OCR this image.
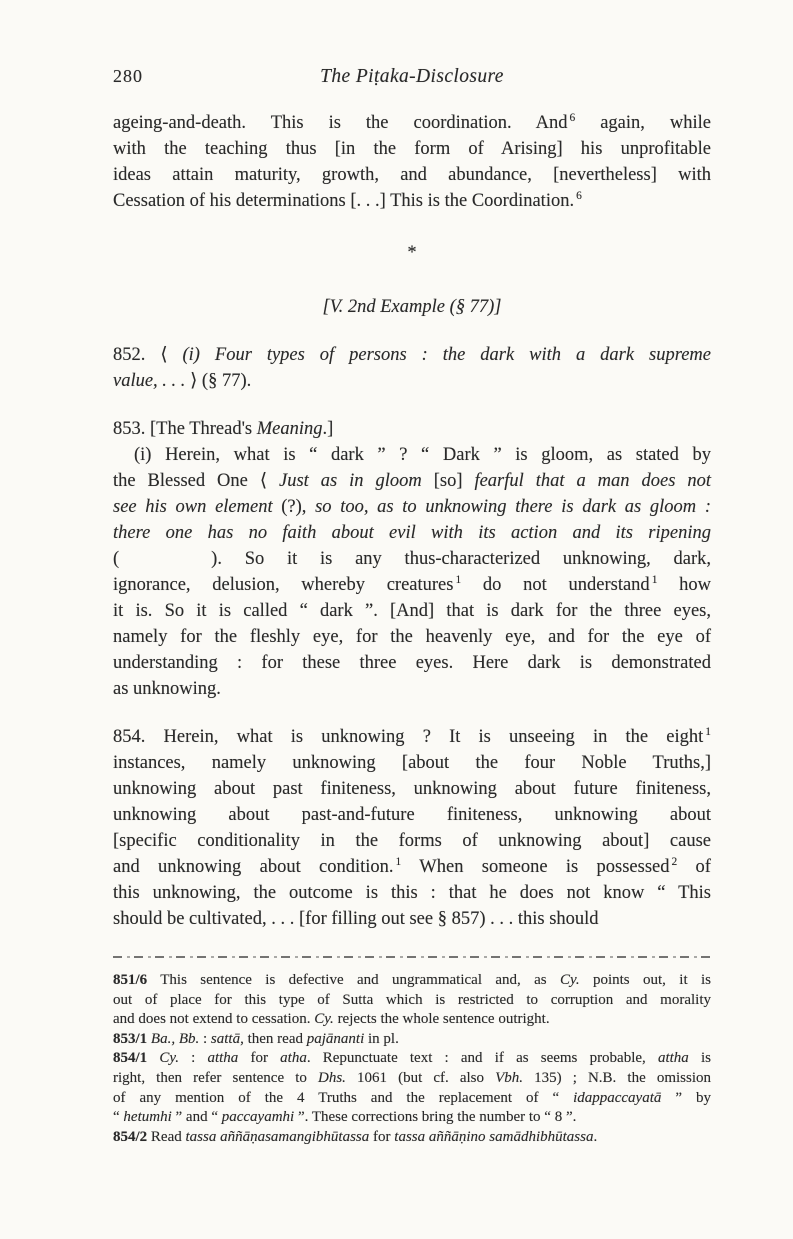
280	The Piṭaka-Disclosure
ageing-and-death. This is the coordination. And $^6$ again, while
with the teaching thus [in the form of Arising] his unprofitable
ideas attain maturity, growth, and abundance, [nevertheless] with
Cessation of his determinations [. . .] This is the Coordination. $^6$
*
[V. 2nd Example (§ 77)]
852. ⟨ (i) Four types of persons : the dark with a dark supreme
value, . . . ⟩ (§ 77).
853. [The Thread's Meaning.]
(i) Herein, what is “ dark ” ? “ Dark ” is gloom, as stated by
the Blessed One ⟨ Just as in gloom [so] fearful that a man does not
see his own element (?), so too, as to unknowing there is dark as gloom :
there one has no faith about evil with its action and its ripening
(	). So it is any thus-characterized unknowing, dark,
ignorance, delusion, whereby creatures $^1$ do not understand $^1$ how
it is. So it is called “ dark ”. [And] that is dark for the three eyes,
namely for the fleshly eye, for the heavenly eye, and for the eye of
understanding : for these three eyes. Here dark is demonstrated
as unknowing.
854. Herein, what is unknowing ? It is unseeing in the eight $^1$
instances, namely unknowing [about the four Noble Truths,]
unknowing about past finiteness, unknowing about future finiteness,
unknowing about past-and-future finiteness, unknowing about
[specific conditionality in the forms of unknowing about] cause
and unknowing about condition. $^1$ When someone is possessed $^2$ of
this unknowing, the outcome is this : that he does not know “ This
should be cultivated, . . . [for filling out see § 857) . . . this should
851/6 This sentence is defective and ungrammatical and, as Cy. points out, it is
out of place for this type of Sutta which is restricted to corruption and morality
and does not extend to cessation. Cy. rejects the whole sentence outright.
853/1 Ba., Bb. : sattā, then read pajānanti in pl.
854/1 Cy. : attha for atha. Repunctuate text : and if as seems probable, attha is
right, then refer sentence to Dhs. 1061 (but cf. also Vbh. 135) ; N.B. the omission
of any mention of the 4 Truths and the replacement of “ idappaccayatā ” by
“ hetumhi ” and “ paccayamhi ”. These corrections bring the number to “ 8 ”.
854/2 Read tassa aññāṇasamangibhūtassa for tassa aññāṇino samādhibhūtassa.
